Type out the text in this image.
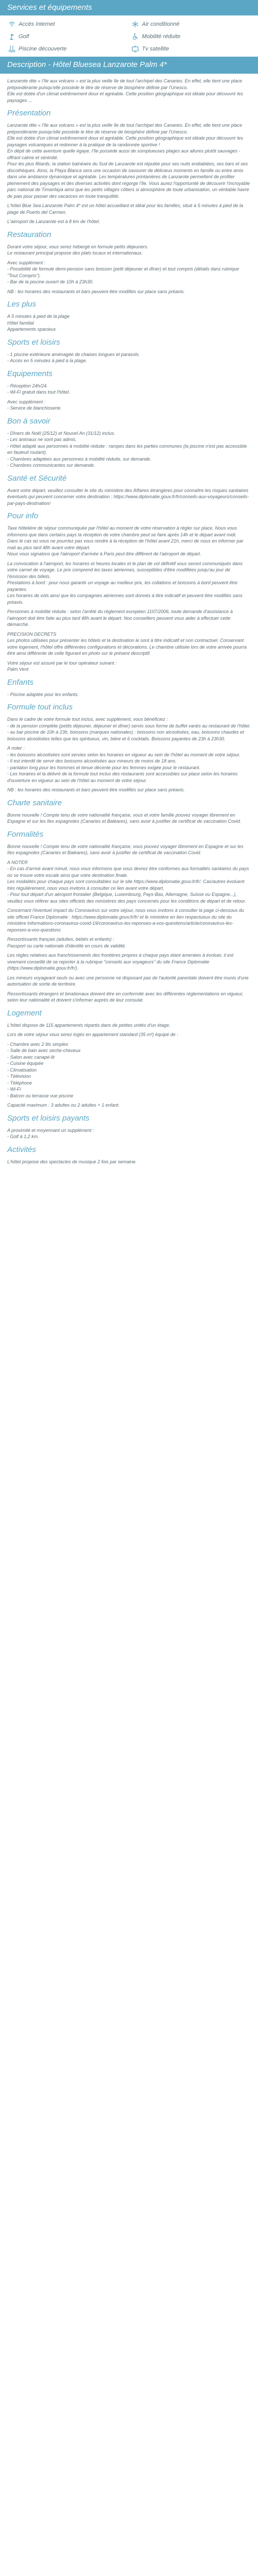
Services et équipements
Accès Internet	Air conditionné
Golf	Mobilité réduite
Piscine découverte	Tv satellite
Description - Hôtel Bluesea Lanzarote Palm 4*

Lanzarote dite « l'île aux volcans » est la plus veille île de tout l'archipel des Canaries. En effet, elle tient une place prépondérante puisqu'elle possède le titre de réserve de biosphère définie par l'Unesco.
Elle est dotée d'un climat extrêmement doux et agréable. Cette position géographique est idéale pour découvrir les paysages ...

Présentation

Lanzarote dite « l'île aux volcans » est la plus veille île de tout l'archipel des Canaries. En effet, elle tient une place prépondérante puisqu'elle possède le titre de réserve de biosphère définie par l'Unesco.
Elle est dotée d'un climat extrêmement doux et agréable. Cette position géographique est idéale pour découvrir les paysages volcaniques et redonner à la pratique de la randonnée sportive !
En dépit de cette aventure quelle égaye, l'île possède aussi de somptueuses plages aux allures plutôt sauvages - offrant calme et sérénité.
Pour les plus fêtards, la station balnéaire du Sud de Lanzarote est réputée pour ses nuits endiablées, ses bars et ses discothèques. Ainsi, la Playa Blanca sera une occasion de savourer de délicieux moments en famille ou entre amis dans une ambiance dynamique et agréable. Les températures printanières de Lanzarote permettent de profiter pleinement des paysages et des diverses activités dont regorge l'île. Vous aurez l'opportunité de découvrir l'incroyable parc national de Timanfaya ainsi que les petits villages côtiers si atmosphère de toute urbanisation, un véritable havre de paix pour passer des vacances en toute tranquillité.

L'hôtel Blue Sea Lanzarote Palm 4* est un hôtel accueillant et idéal pour les familles, situé à 5 minutes à pied de la plage de Puerto del Carmen.

L'aéroport de Lanzarote est à 8 km de l'hôtel.

Restauration

Durant votre séjour, vous serez hébergé en formule petits déjeuners.
Le restaurant principal propose des plats locaux et internationaux.

Avec supplément :
- Possibilité de formule demi-pension sans boisson (petit déjeuner et dîner) et tout compris (détails dans rubrique "Tout Compris").
- Bar de la piscine ouvert de 10h à 23h30.

NB : les horaires des restaurants et bars peuvent être modifiés sur place sans préavis.

Les plus

A 5 minutes à pied de la plage
Hôtel familial
Appartements spacieux

Sports et loisirs

- 1 piscine extérieure aménagée de chaises longues et parasols.
- Accès en 5 minutes à pied à la plage.

Equipements

- Réception 24h/24.
- Wi-Fi gratuit dans tout l'hôtel.

Avec supplément :
- Service de blanchisserie.

Bon à savoir

- Dîners de Noël (25/12) et Nouvel An (31/12) inclus.
- Les animaux ne sont pas admis.
- Hôtel adapté aux personnes à mobilité réduite : rampes dans les parties communes (la piscine n'est pas accessible en fauteuil roulant).
- Chambres adaptées aux personnes à mobilité réduite, sur demande.
- Chambres communicantes sur demande.

Santé et Sécurité

Avant votre départ, veuillez consulter le site du ministère des Affaires étrangères pour connaître les risques sanitaires éventuels qui peuvent concerner votre destination : https://www.diplomatie.gouv.fr/fr/conseils-aux-voyageurs/conseils-par-pays-destination/

Pour info

Taxe hôtelière de séjour communiquée par l'hôtel au moment de votre réservation à régler sur place. Nous vous informons que dans certains pays la réception de votre chambre peut se faire après 14h et le départ avant midi.
Dans le cas où vous ne pourriez pas vous rendre à la réception de l'hôtel avant 21h, merci de nous en informer par mail au plus tard 48h avant votre départ.
Nous vous signalons que l'aéroport d'arrivée à Paris peut être différent de l'aéroport de départ.

La convocation à l'aéroport, les horaires et heures locales et le plan de vol définitif vous seront communiqués dans votre carnet de voyage. Le prix comprend les taxes aériennes, susceptibles d'être modifiées jusqu'au jour de l'émission des billets.
Prestations à bord : pour nous garantir un voyage au meilleur prix, les collations et boissons à bord peuvent être payantes.
Les horaires de vols ainsi que les compagnies aériennes sont donnés à titre indicatif et peuvent être modifiés sans préavis.

Personnes à mobilité réduite : selon l'arrêté du règlement européen 1107/2006, toute demande d'assistance à l'aéroport doit être faite au plus tard 48h avant le départ. Nos conseillers peuvent vous aider à effectuer cette démarche.

PRECISION DECRETS
Les photos utilisées pour présenter les hôtels et la destination le sont à titre indicatif et non contractuel. Conservant votre logement, l'hôtel offre différentes configurations et décorations. Le chambre utilisée lors de votre arrivée pourra être ainsi différente de celle figurant en photo sur le présent descriptif.

Votre séjour est assuré par le tour opérateur suivant :
Palm Vent

Enfants

- Piscine adaptée pour les enfants.

Formule tout inclus

Dans le cadre de votre formule tout inclus, avec supplément, vous bénéficiez :
- de la pension complète (petits déjeuner, déjeuner et dîner) servis sous forme de buffet variés au restaurant de l'hôtel.
- au bar piscine de 10h à 23h, boissons (marques nationales) : boissons non alcoolisées, eau, boissons chaudes et boissons alcoolisées telles que les spiritueux, vin, bière et 6 cocktails. Boissons payantes de 23h à 23h30.

A noter :
- les boissons alcoolisées sont servies selon les horaires en vigueur au sein de l'hôtel au moment de votre séjour.
- Il est interdit de servir des boissons alcoolisées aux mineurs de moins de 18 ans.
- pantalon long pour les hommes et tenue décente pour les femmes exigée pour le restaurant.
- Les horaires et la délivré de la formule tout inclus des restaurants sont accessibles sur place selon les horaires d'ouverture en vigueur au sein de l'hôtel au moment de votre séjour.

NB : les horaires des restaurants et bars peuvent être modifiés sur place sans préavis.

Charte sanitaire

Bonne nouvelle ! Compte tenu de votre nationalité française, vous et votre famille pouvez voyager librement en Espagne et sur les îles espagnoles (Canaries et Baléares), sans avoir à justifier de certificat de vaccination Covid.

Formalités

Bonne nouvelle ! Compte tenu de votre nationalité française, vous pouvez voyager librement en Espagne et sur les îles espagnoles (Canaries et Baléares), sans avoir à justifier de certificat de vaccination Covid.

A NOTER
- En cas d'arrivé avant minuit, nous vous informons que vous devrez être conformes aux formalités sanitaires du pays où se trouve votre escale ainsi que votre destination finale.
Les modalités pour chaque pays sont consultables sur le site https://www.diplomatie.gouv.fr/fr/. Cas/autres évoluent très régulièrement, nous vous invitons à consulter ce lien avant votre départ.
- Pour tout départ d'un aéroport frontalier (Belgique, Luxembourg, Pays-Bas, Allemagne, Suisse ou Espagne...), veuillez vous référer aux sites officiels des ministères des pays concernés pour les conditions de départ et de retour.

Concernant l'éventuel impact du Coronavirus sur votre séjour, nous vous invitons à consulter la page ci-dessous du site officiel France Diplomatie : https://www.diplomatie.gouv.fr/fr/ et le ministère en lien respectueux du site du ministère Informations-coronavirus-covid-19/coronavirus-les-reponses-a-vos-questions/article/coronavirus-les-reponses-a-vos-questions

Ressortissants français (adultes, bébés et enfants) :
Passport ou carte nationale d'identité en cours de validité.

Les règles relatives aux franchissements des frontières propres à chaque pays étant amenées à évoluer, il est vivement conseillé de se reporter à la rubrique "conseils aux voyageurs" du site France Diplomatie (https://www.diplomatie.gouv.fr/fr/).

Les mineurs voyageant seuls ou avec une personne ne disposant pas de l'autorité parentale doivent être munis d'une autorisation de sortie de territoire.

Ressortissants étrangers et binationaux doivent être en conformité avec les différentes réglementations en vigueur, selon leur nationalité et doivent s'informer auprès de leur consulat.

Logement

L'hôtel dispose de 115 appartements répartis dans de petites unités d'un étage.

Lors de votre séjour vous serez logés en appartement standard (35 m²) équipé de :

- Chambre avec 2 lits simples
- Salle de bain avec sèche-cheveux
- Salon avec canapé-lit
- Cuisine équipée
- Climatisation
- Télévision
- Téléphone
- Wi-Fi
- Balcon ou terrasse vue piscine

Capacité maximum : 3 adultes ou 2 adultes + 1 enfant.

Sports et loisirs payants

A proximité et moyennant un supplément :
- Golf à 1,2 km.

Activités

L'hôtel propose des spectacles de musique 2 fois par semaine.
